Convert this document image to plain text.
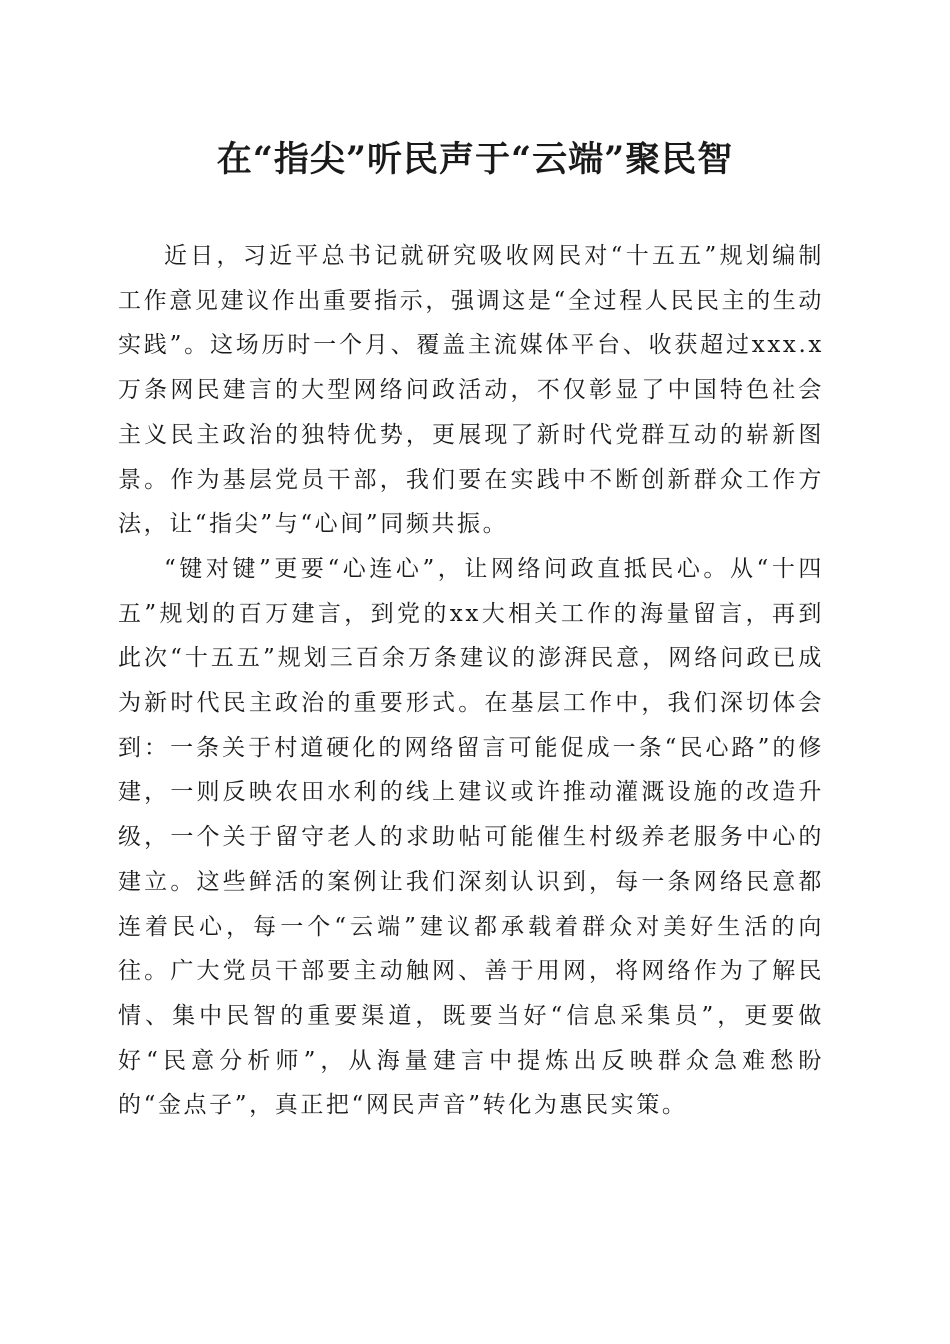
在“指尖”听民声于“云端”聚民智

近日，习近平总书记就研究吸收网民对“十五五”规划编制工作意见建议作出重要指示，强调这是“全过程人民民主的生动实践”。这场历时一个月、覆盖主流媒体平台、收获超过xxx.x万条网民建言的大型网络问政活动，不仅彰显了中国特色社会主义民主政治的独特优势，更展现了新时代党群互动的崭新图景。作为基层党员干部，我们要在实践中不断创新群众工作方法，让“指尖”与“心间”同频共振。

“键对键”更要“心连心”，让网络问政直抵民心。从“十四五”规划的百万建言，到党的xx大相关工作的海量留言，再到此次“十五五”规划三百余万条建议的澎湃民意，网络问政已成为新时代民主政治的重要形式。在基层工作中，我们深切体会到：一条关于村道硬化的网络留言可能促成一条“民心路”的修建，一则反映农田水利的线上建议或许推动灌溉设施的改造升级，一个关于留守老人的求助帖可能催生村级养老服务中心的建立。这些鲜活的案例让我们深刻认识到，每一条网络民意都连着民心，每一个“云端”建议都承载着群众对美好生活的向往。广大党员干部要主动触网、善于用网，将网络作为了解民情、集中民智的重要渠道，既要当好“信息采集员”，更要做好“民意分析师”，从海量建言中提炼出反映群众急难愁盼的“金点子”，真正把“网民声音”转化为惠民实策。
